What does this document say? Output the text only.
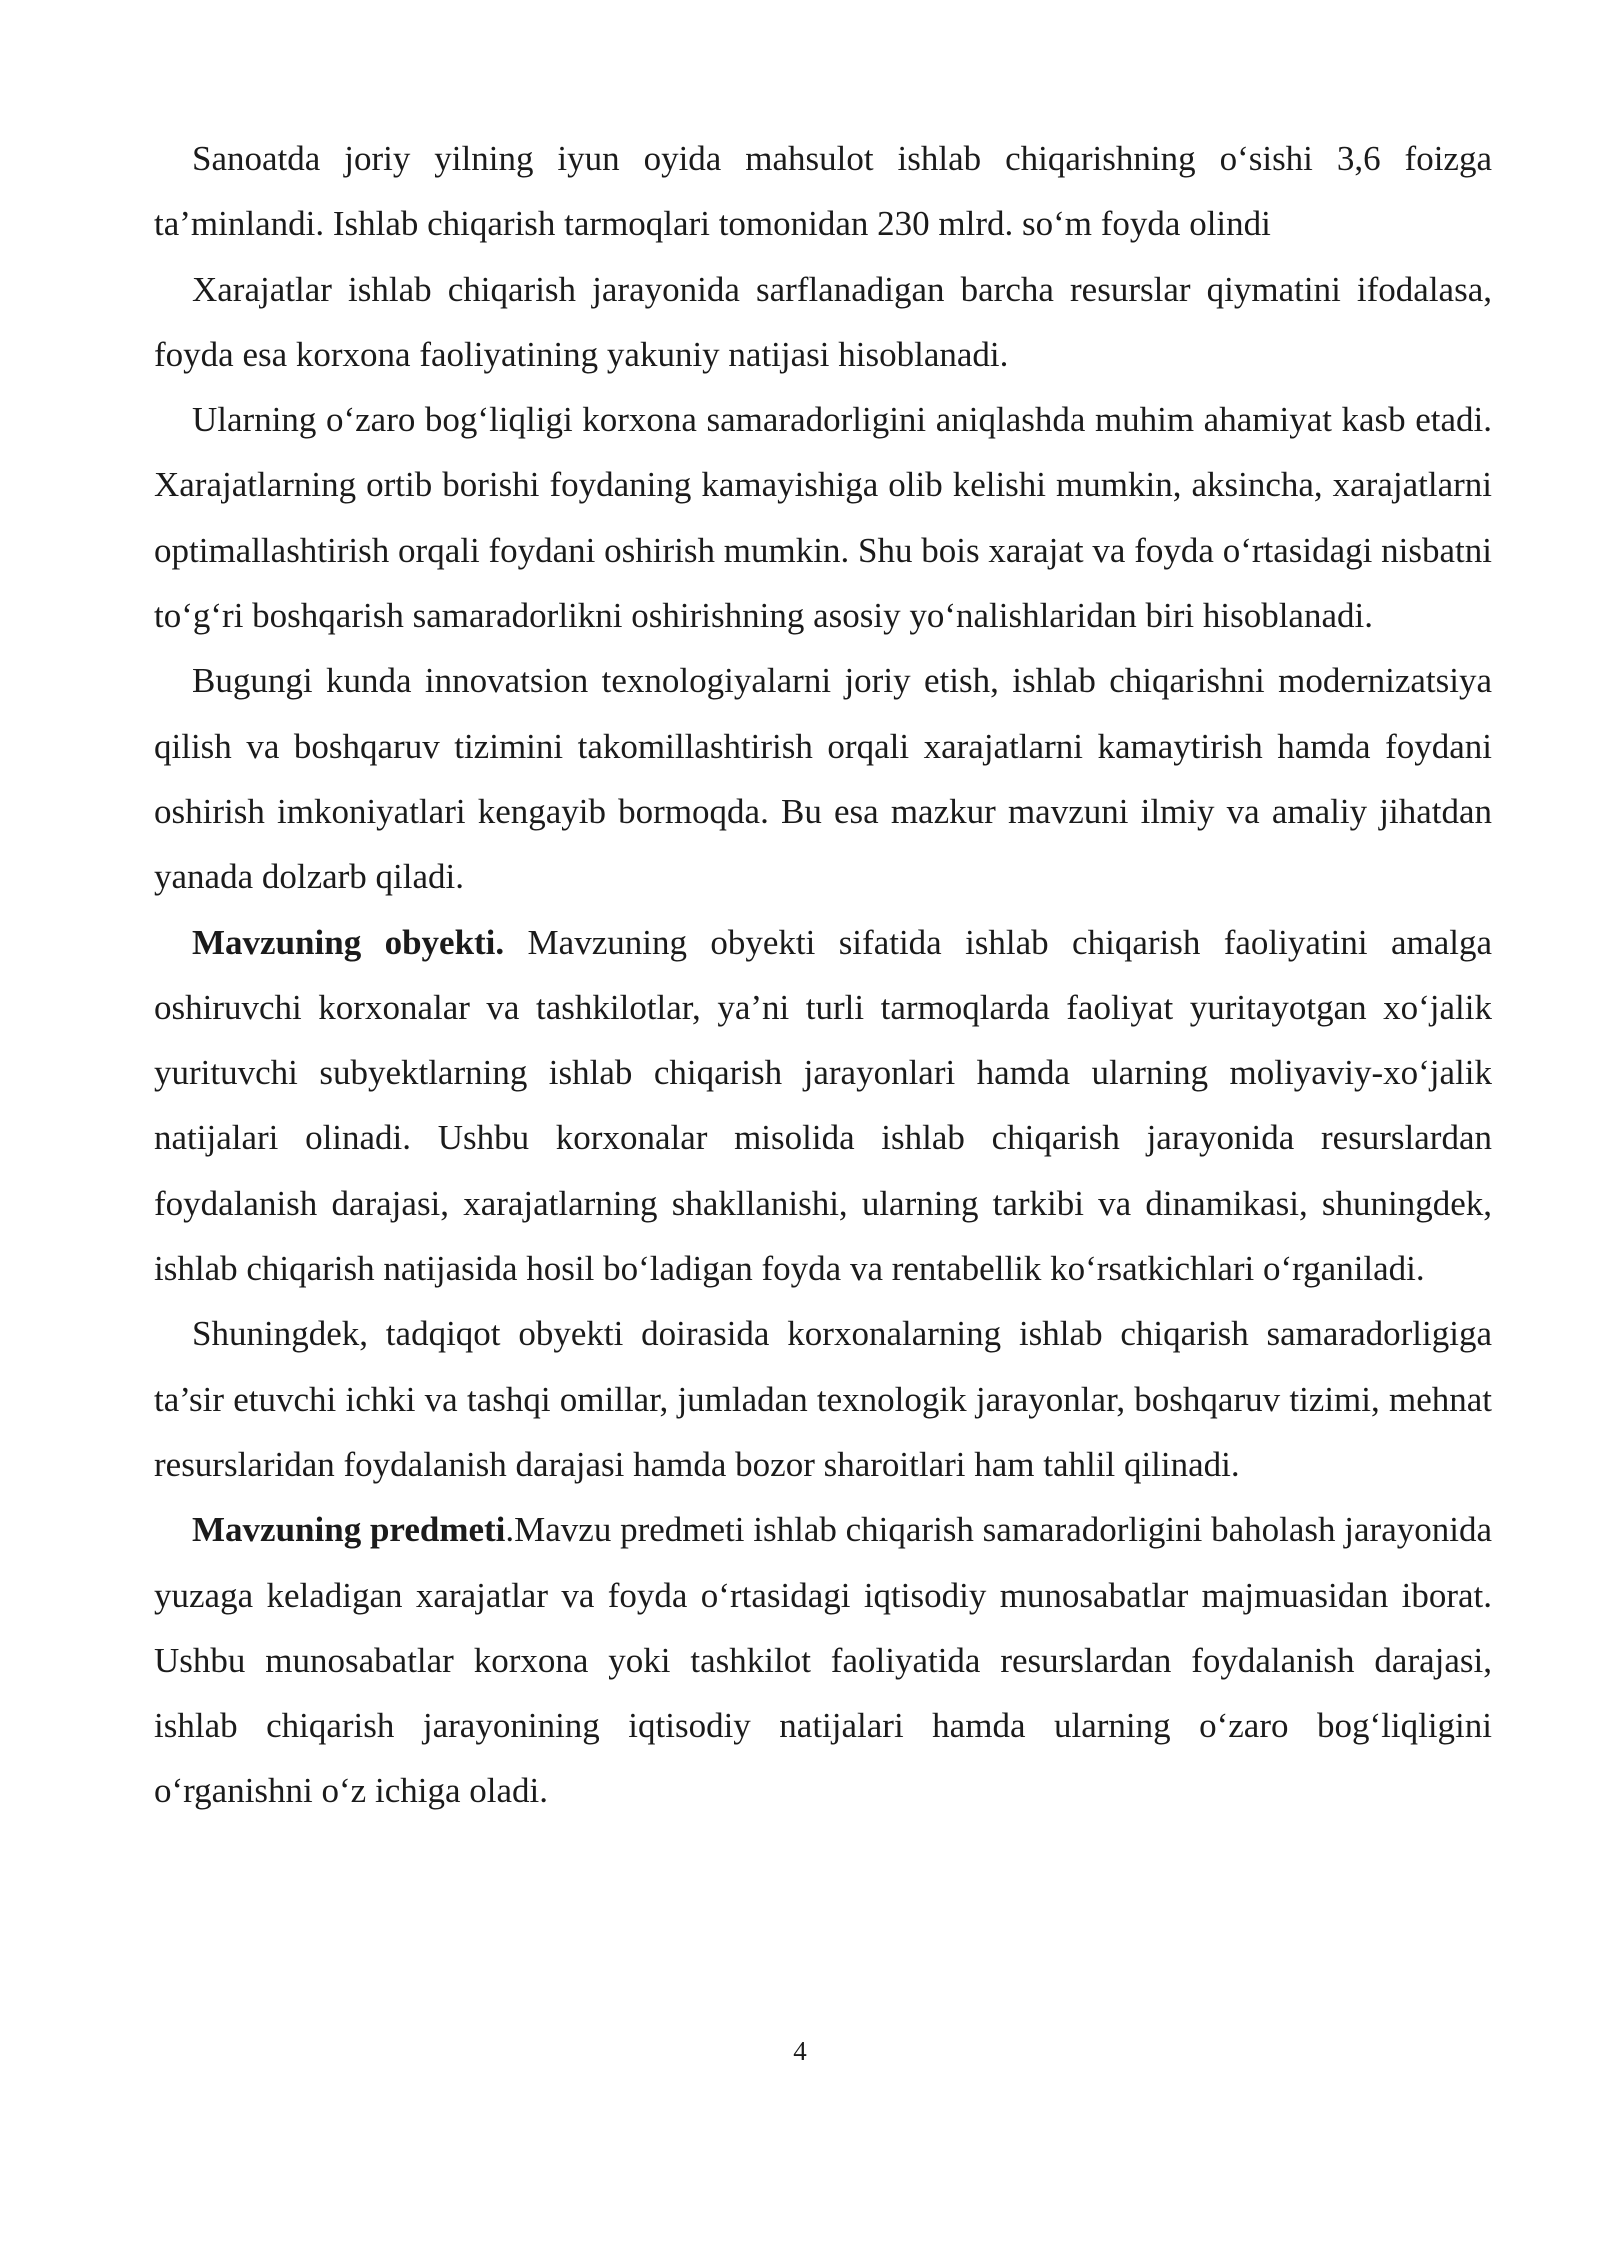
Sanoatda joriy yilning iyun oyida mahsulot ishlab chiqarishning o‘sishi 3,6 foizga ta’minlandi. Ishlab chiqarish tarmoqlari tomonidan 230 mlrd. so‘m foyda olindi

Xarajatlar ishlab chiqarish jarayonida sarflanadigan barcha resurslar qiymatini ifodalasa, foyda esa korxona faoliyatining yakuniy natijasi hisoblanadi.

Ularning o‘zaro bog‘liqligi korxona samaradorligini aniqlashda muhim ahamiyat kasb etadi. Xarajatlarning ortib borishi foydaning kamayishiga olib kelishi mumkin, aksincha, xarajatlarni optimallashtirish orqali foydani oshirish mumkin. Shu bois xarajat va foyda o‘rtasidagi nisbatni to‘g‘ri boshqarish samaradorlikni oshirishning asosiy yo‘nalishlaridan biri hisoblanadi.

Bugungi kunda innovatsion texnologiyalarni joriy etish, ishlab chiqarishni modernizatsiya qilish va boshqaruv tizimini takomillashtirish orqali xarajatlarni kamaytirish hamda foydani oshirish imkoniyatlari kengayib bormoqda. Bu esa mazkur mavzuni ilmiy va amaliy jihatdan yanada dolzarb qiladi.

Mavzuning obyekti. Mavzuning obyekti sifatida ishlab chiqarish faoliyatini amalga oshiruvchi korxonalar va tashkilotlar, ya’ni turli tarmoqlarda faoliyat yuritayotgan xo‘jalik yurituvchi subyektlarning ishlab chiqarish jarayonlari hamda ularning moliyaviy-xo‘jalik natijalari olinadi. Ushbu korxonalar misolida ishlab chiqarish jarayonida resurslardan foydalanish darajasi, xarajatlarning shakllanishi, ularning tarkibi va dinamikasi, shuningdek, ishlab chiqarish natijasida hosil bo‘ladigan foyda va rentabellik ko‘rsatkichlari o‘rganiladi.

Shuningdek, tadqiqot obyekti doirasida korxonalarning ishlab chiqarish samaradorligiga ta’sir etuvchi ichki va tashqi omillar, jumladan texnologik jarayonlar, boshqaruv tizimi, mehnat resurslaridan foydalanish darajasi hamda bozor sharoitlari ham tahlil qilinadi.

Mavzuning predmeti.Mavzu predmeti ishlab chiqarish samaradorligini baholash jarayonida yuzaga keladigan xarajatlar va foyda o‘rtasidagi iqtisodiy munosabatlar majmuasidan iborat. Ushbu munosabatlar korxona yoki tashkilot faoliyatida resurslardan foydalanish darajasi, ishlab chiqarish jarayonining iqtisodiy natijalari hamda ularning o‘zaro bog‘liqligini o‘rganishni o‘z ichiga oladi.

4
